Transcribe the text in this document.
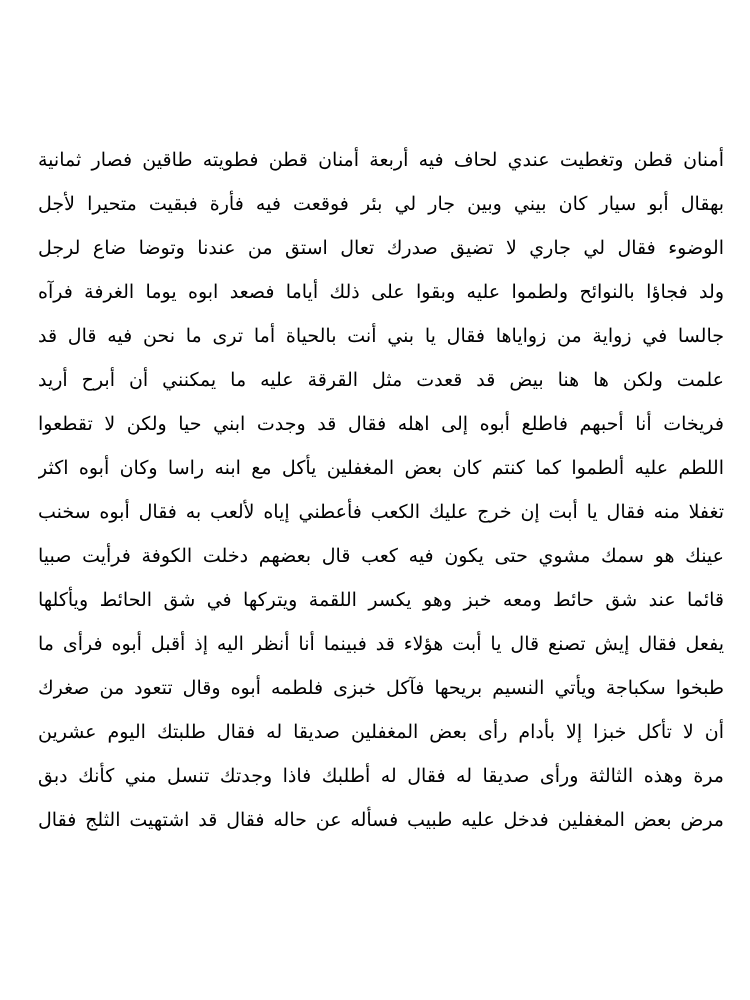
أمنان قطن وتغطيت عندي لحاف فيه أربعة أمنان قطن فطويته طاقين فصار ثمانية
بهقال أبو سيار كان بيني وبين جار لي بئر فوقعت فيه فأرة فبقيت متحيرا لأجل
الوضوء فقال لي جاري لا تضيق صدرك تعال استق من عندنا وتوضا ضاع لرجل
ولد فجاؤا بالنوائح ولطموا عليه وبقوا على ذلك أياما فصعد ابوه يوما الغرفة فرآه
جالسا في زواية من زواياها فقال يا بني أنت بالحياة أما ترى ما نحن فيه قال قد
علمت ولكن ها هنا بيض قد قعدت مثل القرقة عليه ما يمكنني أن أبرح أريد
فريخات أنا أحبهم فاطلع أبوه إلى اهله فقال قد وجدت ابني حيا ولكن لا تقطعوا
اللطم عليه ألطموا كما كنتم كان بعض المغفلين يأكل مع ابنه راسا وكان أبوه اكثر
تغفلا منه فقال يا أبت إن خرج عليك الكعب فأعطني إياه لألعب به فقال أبوه سخنب
عينك هو سمك مشوي حتى يكون فيه كعب قال بعضهم دخلت الكوفة فرأيت صبيا
قائما عند شق حائط ومعه خبز وهو يكسر اللقمة ويتركها في شق الحائط ويأكلها
يفعل فقال إيش تصنع قال يا أبت هؤلاء قد فبينما أنا أنظر اليه إذ أقبل أبوه فرأى ما
طبخوا سكباجة ويأتي النسيم بريحها فآكل خبزى فلطمه أبوه وقال تتعود من صغرك
أن لا تأكل خبزا إلا بأدام رأى بعض المغفلين صديقا له فقال طلبتك اليوم عشرين
مرة وهذه الثالثة ورأى صديقا له فقال له أطلبك فاذا وجدتك تنسل مني كأنك دبق
مرض بعض المغفلين فدخل عليه طبيب فسأله عن حاله فقال قد اشتهيت الثلج فقال
